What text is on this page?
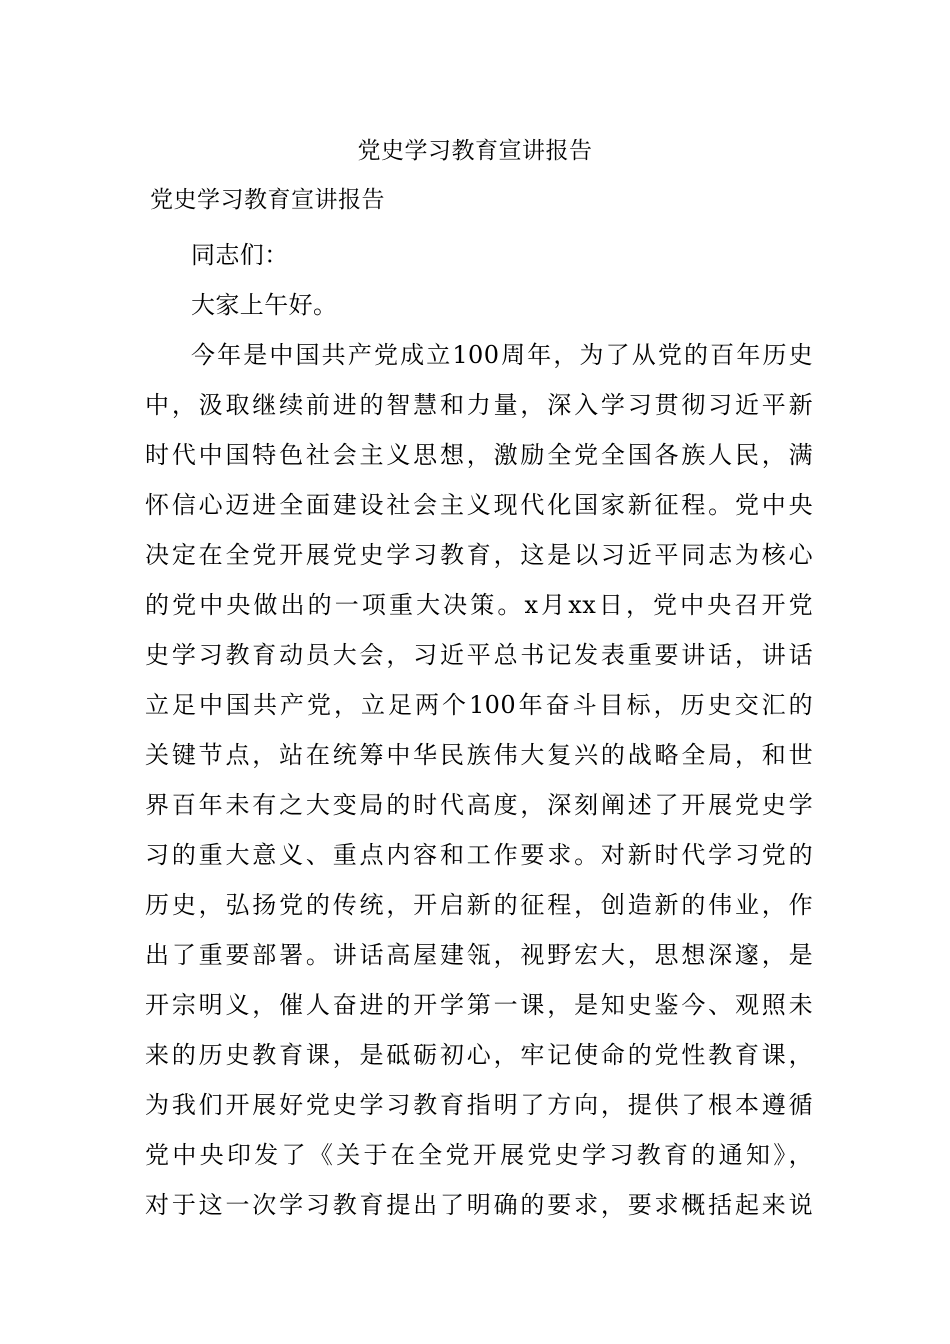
党史学习教育宣讲报告
党史学习教育宣讲报告

同志们：

大家上午好。

今年是中国共产党成立100周年，为了从党的百年历史
中，汲取继续前进的智慧和力量，深入学习贯彻习近平新
时代中国特色社会主义思想，激励全党全国各族人民，满
怀信心迈进全面建设社会主义现代化国家新征程。党中央
决定在全党开展党史学习教育，这是以习近平同志为核心
的党中央做出的一项重大决策。x月xx日，党中央召开党
史学习教育动员大会，习近平总书记发表重要讲话，讲话
立足中国共产党，立足两个100年奋斗目标，历史交汇的
关键节点，站在统筹中华民族伟大复兴的战略全局，和世
界百年未有之大变局的时代高度，深刻阐述了开展党史学
习的重大意义、重点内容和工作要求。对新时代学习党的
历史，弘扬党的传统，开启新的征程，创造新的伟业，作
出了重要部署。讲话高屋建瓴，视野宏大，思想深邃，是
开宗明义，催人奋进的开学第一课，是知史鉴今、观照未
来的历史教育课，是砥砺初心，牢记使命的党性教育课，
为我们开展好党史学习教育指明了方向，提供了根本遵循
党中央印发了《关于在全党开展党史学习教育的通知》，
对于这一次学习教育提出了明确的要求，要求概括起来说
